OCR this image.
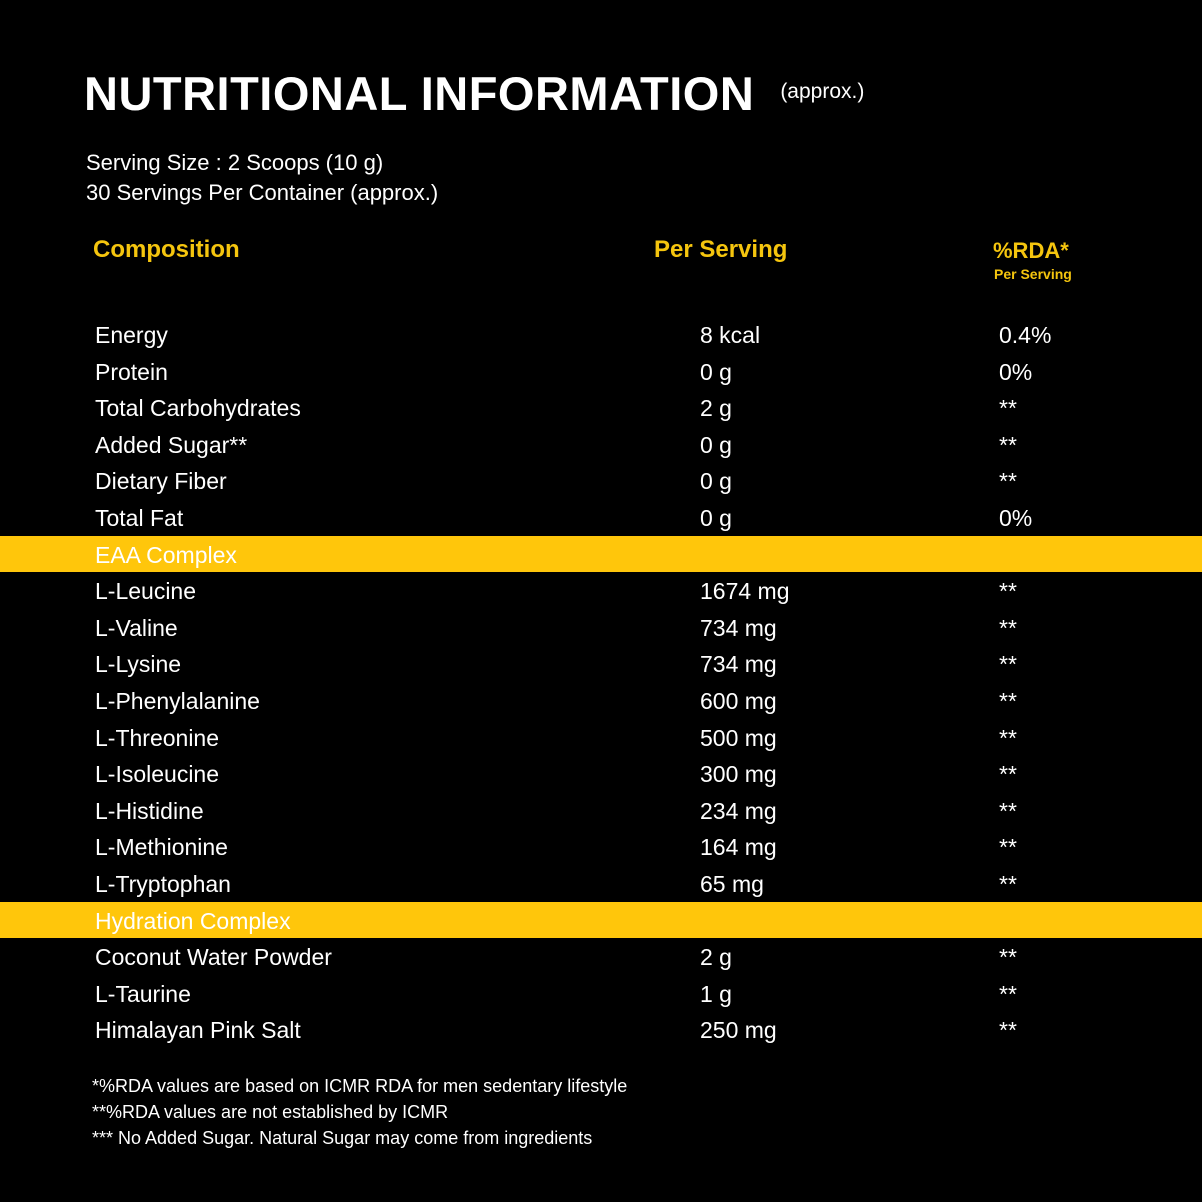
NUTRITIONAL INFORMATION (approx.)
Serving Size : 2 Scoops (10 g)
30 Servings Per Container (approx.)
Composition	Per Serving	%RDA*
Per Serving
Energy	8 kcal	0.4%
Protein	0 g	0%
Total Carbohydrates	2 g	**
Added Sugar**	0 g	**
Dietary Fiber	0 g	**
Total Fat	0 g	0%
EAA Complex
L-Leucine	1674 mg	**
L-Valine	734 mg	**
L-Lysine	734 mg	**
L-Phenylalanine	600 mg	**
L-Threonine	500 mg	**
L-Isoleucine	300 mg	**
L-Histidine	234 mg	**
L-Methionine	164 mg	**
L-Tryptophan	65 mg	**
Hydration Complex
Coconut Water Powder	2 g	**
L-Taurine	1 g	**
Himalayan Pink Salt	250 mg	**
*%RDA values are based on ICMR RDA for men sedentary lifestyle
**%RDA values are not established by ICMR
*** No Added Sugar. Natural Sugar may come from ingredients
